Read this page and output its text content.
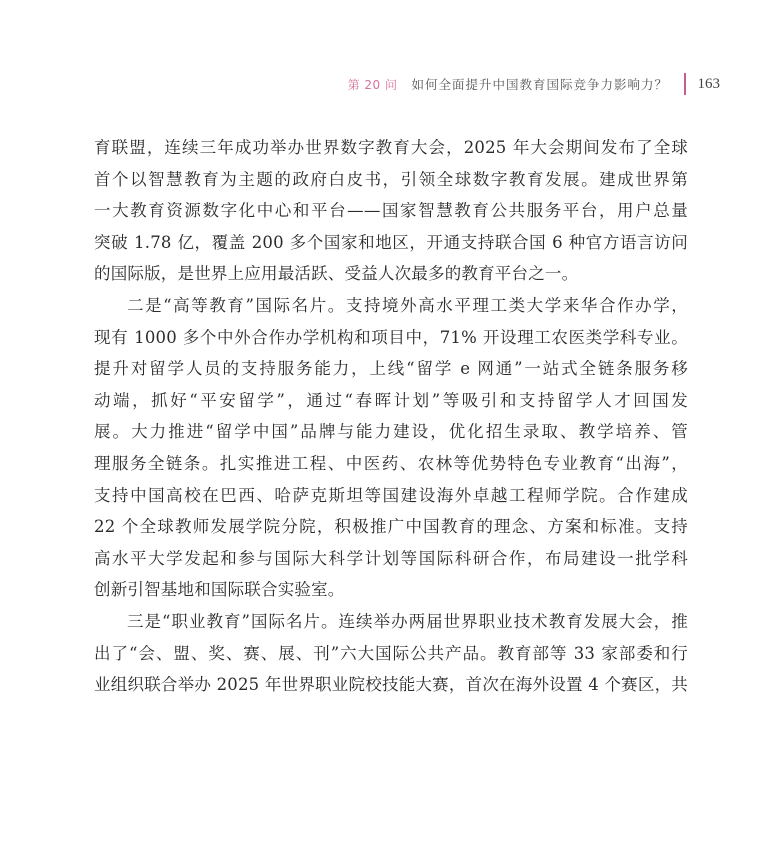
第 20 问 如何全面提升中国教育国际竞争力影响力？ 163
育联盟，连续三年成功举办世界数字教育大会，2025 年大会期间发布了全球
首个以智慧教育为主题的政府白皮书，引领全球数字教育发展。建成世界第
一大教育资源数字化中心和平台——国家智慧教育公共服务平台，用户总量
突破 1.78 亿，覆盖 200 多个国家和地区，开通支持联合国 6 种官方语言访问
的国际版，是世界上应用最活跃、受益人次最多的教育平台之一。
二是“高等教育”国际名片。支持境外高水平理工类大学来华合作办学，
现有 1000 多个中外合作办学机构和项目中，71% 开设理工农医类学科专业。
提升对留学人员的支持服务能力，上线“留学 e 网通”一站式全链条服务移
动端，抓好“平安留学”，通过“春晖计划”等吸引和支持留学人才回国发
展。大力推进“留学中国”品牌与能力建设，优化招生录取、教学培养、管
理服务全链条。扎实推进工程、中医药、农林等优势特色专业教育“出海”，
支持中国高校在巴西、哈萨克斯坦等国建设海外卓越工程师学院。合作建成
22 个全球教师发展学院分院，积极推广中国教育的理念、方案和标准。支持
高水平大学发起和参与国际大科学计划等国际科研合作，布局建设一批学科
创新引智基地和国际联合实验室。
三是“职业教育”国际名片。连续举办两届世界职业技术教育发展大会，推
出了“会、盟、奖、赛、展、刊”六大国际公共产品。教育部等 33 家部委和行
业组织联合举办 2025 年世界职业院校技能大赛，首次在海外设置 4 个赛区，共
